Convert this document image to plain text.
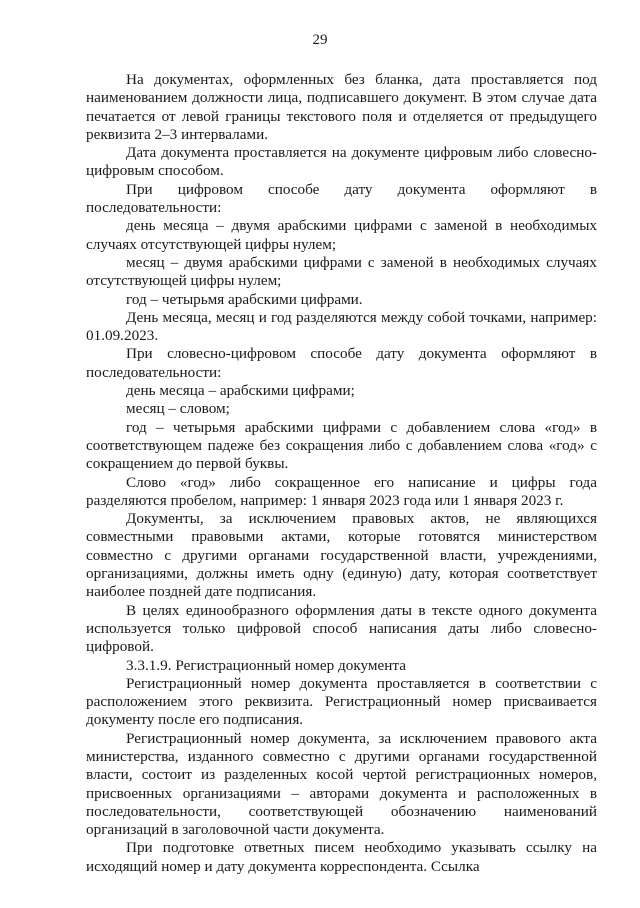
29

На документах, оформленных без бланка, дата проставляется под наименованием должности лица, подписавшего документ. В этом случае дата печатается от левой границы текстового поля и отделяется от предыдущего реквизита 2–3 интервалами.

Дата документа проставляется на документе цифровым либо словесно-цифровым способом.

При цифровом способе дату документа оформляют в последовательности:

день месяца – двумя арабскими цифрами с заменой в необходимых случаях отсутствующей цифры нулем;

месяц – двумя арабскими цифрами с заменой в необходимых случаях отсутствующей цифры нулем;

год – четырьмя арабскими цифрами.

День месяца, месяц и год разделяются между собой точками, например: 01.09.2023.

При словесно-цифровом способе дату документа оформляют в последовательности:

день месяца – арабскими цифрами;

месяц – словом;

год – четырьмя арабскими цифрами с добавлением слова «год» в соответствующем падеже без сокращения либо с добавлением слова «год» с сокращением до первой буквы.

Слово «год» либо сокращенное его написание и цифры года разделяются пробелом, например: 1 января 2023 года или 1 января 2023 г.

Документы, за исключением правовых актов, не являющихся совместными правовыми актами, которые готовятся министерством совместно с другими органами государственной власти, учреждениями, организациями, должны иметь одну (единую) дату, которая соответствует наиболее поздней дате подписания.

В целях единообразного оформления даты в тексте одного документа используется только цифровой способ написания даты либо словесно-цифровой.

3.3.1.9. Регистрационный номер документа

Регистрационный номер документа проставляется в соответствии с расположением этого реквизита. Регистрационный номер присваивается документу после его подписания.

Регистрационный номер документа, за исключением правового акта министерства, изданного совместно с другими органами государственной власти, состоит из разделенных косой чертой регистрационных номеров, присвоенных организациями – авторами документа и расположенных в последовательности, соответствующей обозначению наименований организаций в заголовочной части документа.

При подготовке ответных писем необходимо указывать ссылку на исходящий номер и дату документа корреспондента. Ссылка
